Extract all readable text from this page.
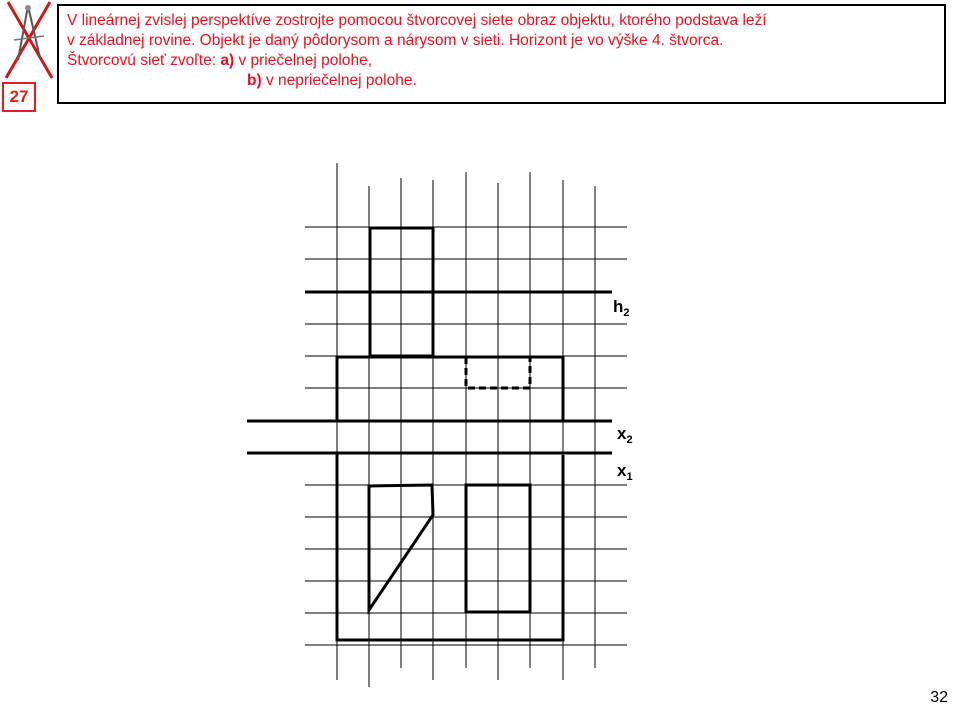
27
V lineárnej zvislej perspektíve zostrojte pomocou štvorcovej siete obraz objektu, ktorého podstava leží
v základnej rovine. Objekt je daný pôdorysom a nárysom v sieti. Horizont je vo výške 4. štvorca.
Štvorcovú sieť zvoľte: a) v priečelnej polohe,
b) v nepriečelnej polohe.
$h_2$
$x_2$
$x_1$
32
